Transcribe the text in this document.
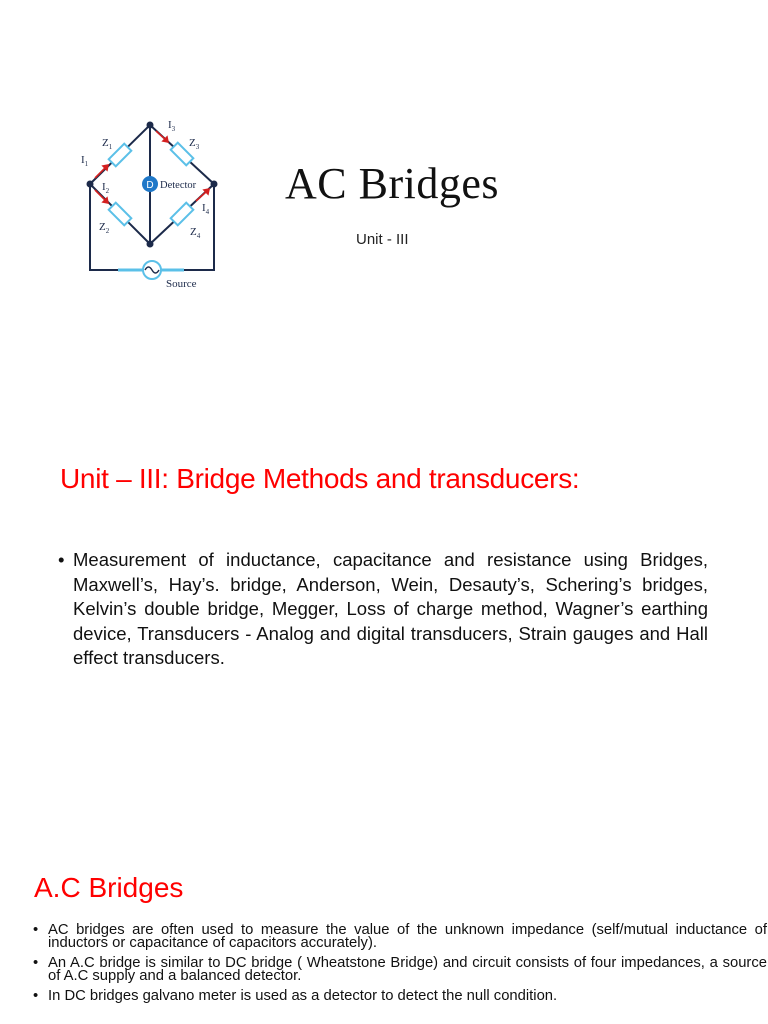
Source
D Detector
$Z_1$	$Z_3$
$Z_2$	$Z_4$
$I_1$
$I_2$
$I_3$
$I_4$
AC Bridges
Unit - III
Unit – III: Bridge Methods and transducers:
• Measurement of inductance, capacitance and resistance using Bridges, Maxwell’s, Hay’s. bridge, Anderson, Wein, Desauty’s, Schering’s bridges, Kelvin’s double bridge, Megger, Loss of charge method, Wagner’s earthing device, Transducers - Analog and digital transducers, Strain gauges and Hall effect transducers.
A.C Bridges
• AC bridges are often used to measure the value of the unknown impedance (self/mutual inductance of inductors or capacitance of capacitors accurately).
• An A.C bridge is similar to DC bridge ( Wheatstone Bridge) and circuit consists of four impedances, a source of A.C supply and a balanced detector.
• In DC bridges galvano meter is used as a detector to detect the null condition.
